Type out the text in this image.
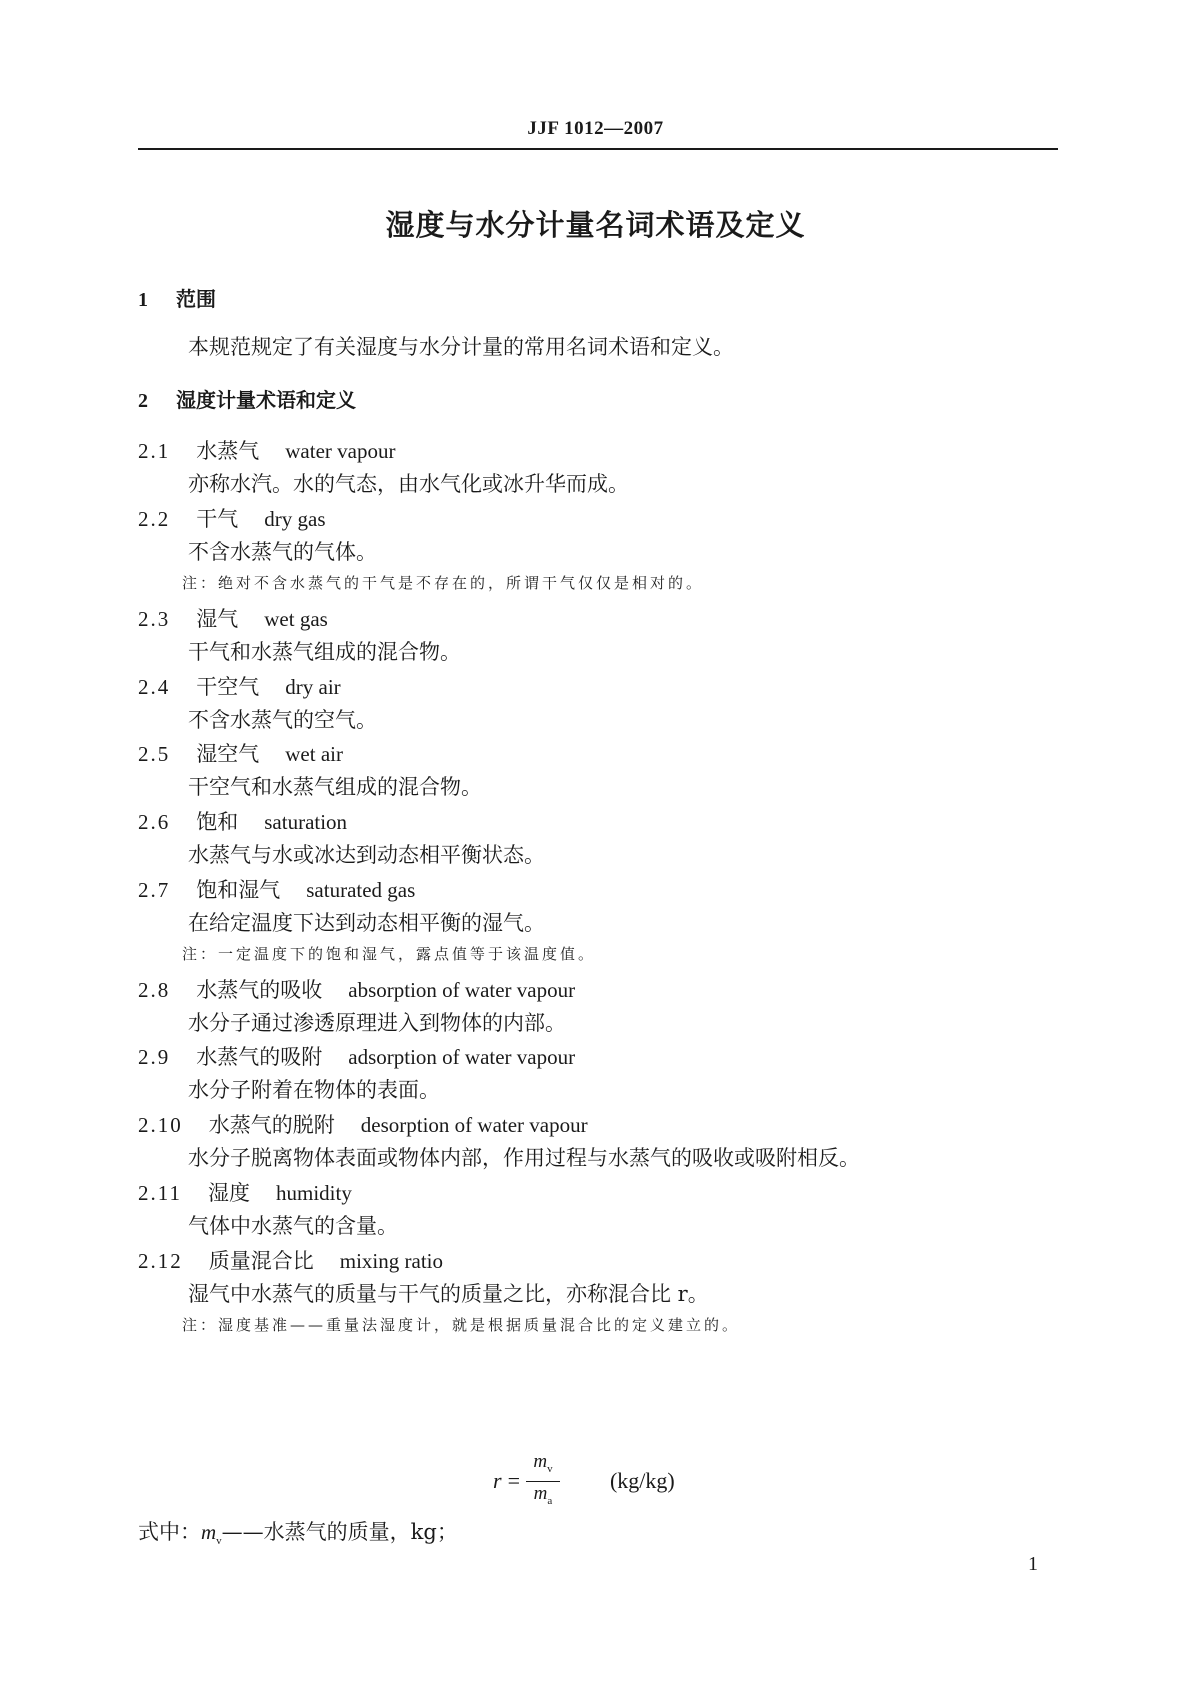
JJF 1012—2007
湿度与水分计量名词术语及定义
1 范围
本规范规定了有关湿度与水分计量的常用名词术语和定义。
2 湿度计量术语和定义
2.1 水蒸气 water vapour
亦称水汽。水的气态，由水气化或冰升华而成。
2.2 干气 dry gas
不含水蒸气的气体。
注：绝对不含水蒸气的干气是不存在的，所谓干气仅仅是相对的。
2.3 湿气 wet gas
干气和水蒸气组成的混合物。
2.4 干空气 dry air
不含水蒸气的空气。
2.5 湿空气 wet air
干空气和水蒸气组成的混合物。
2.6 饱和 saturation
水蒸气与水或冰达到动态相平衡状态。
2.7 饱和湿气 saturated gas
在给定温度下达到动态相平衡的湿气。
注：一定温度下的饱和湿气，露点值等于该温度值。
2.8 水蒸气的吸收 absorption of water vapour
水分子通过渗透原理进入到物体的内部。
2.9 水蒸气的吸附 adsorption of water vapour
水分子附着在物体的表面。
2.10 水蒸气的脱附 desorption of water vapour
水分子脱离物体表面或物体内部，作用过程与水蒸气的吸收或吸附相反。
2.11 湿度 humidity
气体中水蒸气的含量。
2.12 质量混合比 mixing ratio
湿气中水蒸气的质量与干气的质量之比，亦称混合比 r。
注：湿度基准——重量法湿度计，就是根据质量混合比的定义建立的。
$r = \frac{m_v}{m_a} (kg/kg)$
式中：$m_v——$水蒸气的质量，kg；
1
